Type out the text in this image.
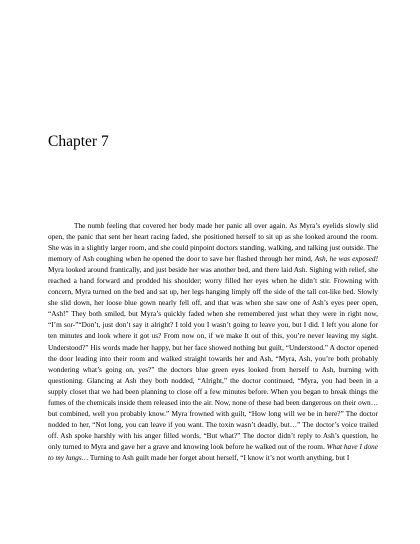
Chapter 7

The numb feeling that covered her body made her panic all over again. As Myra’s eyelids slowly slid open, the panic that sent her heart racing faded, she positioned herself to sit up as she looked around the room. She was in a slightly larger room, and she could pinpoint doctors standing, walking, and talking just outside. The memory of Ash coughing when he opened the door to save her flashed through her mind, Ash, he was exposed! Myra looked around frantically, and just beside her was another bed, and there laid Ash. Sighing with relief, she reached a hand forward and prodded his shoulder; worry filled her eyes when he didn’t stir. Frowning with concern, Myra turned on the bed and sat up, her legs hanging limply off the side of the tall cot-like bed. Slowly she slid down, her loose blue gown nearly fell off, and that was when she saw one of Ash’s eyes peer open, “Ash!” They both smiled, but Myra’s quickly faded when she remembered just what they were in right now, “I’m sor-”“Don’t, just don’t say it alright? I told you I wasn’t going to leave you, but I did. I left you alone for ten minutes and look where it got us? From now on, if we make It out of this, you’re never leaving my sight. Understood?” His words made her happy, but her face showed nothing but guilt, “Understood.” A doctor opened the door leading into their room and walked straight towards her and Ash, “Myra, Ash, you’re both probably wondering what’s going on, yes?” the doctors blue green eyes looked from herself to Ash, burning with questioning. Glancing at Ash they both nodded, “Alright,” the doctor continued, “Myra, you had been in a supply closet that we had been planning to close off a few minutes before. When you began to break things the fumes of the chemicals inside them released into the air. Now, none of these had been dangerous on their own… but combined, well you probably know.” Myra frowned with guilt, “How long will we be in here?” The doctor nodded to her, “Not long, you can leave if you want. The toxin wasn’t deadly, but…” The doctor’s voice trailed off. Ash spoke harshly with his anger filled words, “But what?” The doctor didn’t reply to Ash’s question, he only turned to Myra and gave her a grave and knowing look before he walked out of the room. What have I done to my lungs… Turning to Ash guilt made her forget about herself, “I know it’s not worth anything, but I
